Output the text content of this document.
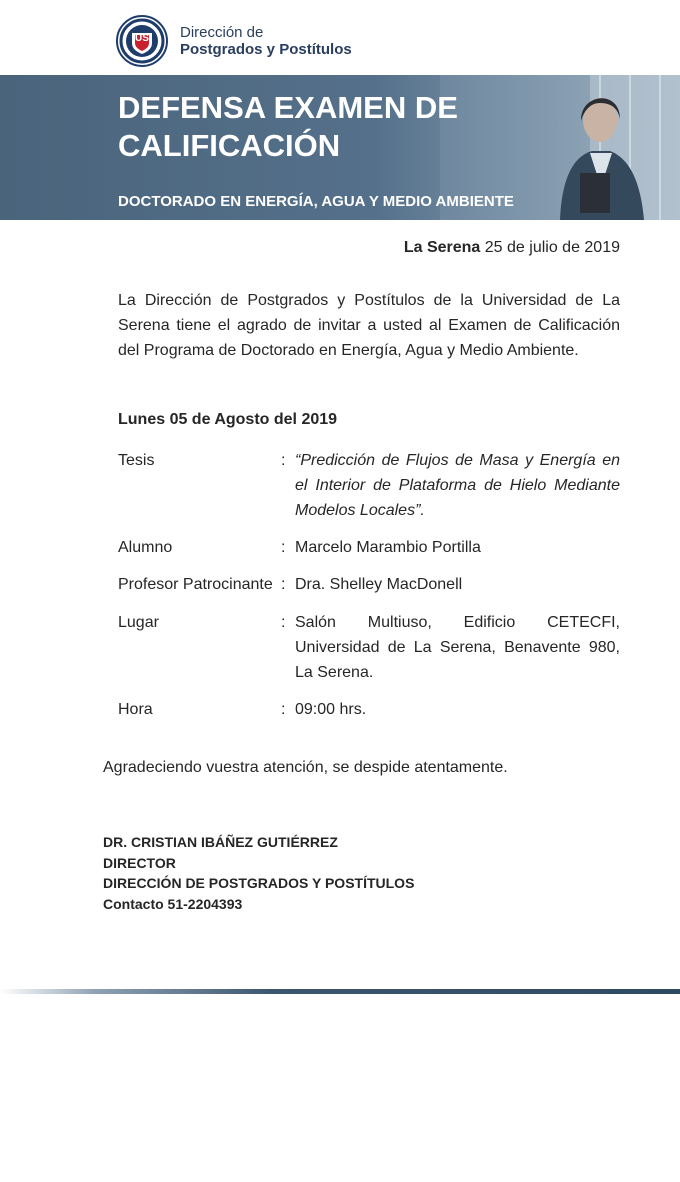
US	Dirección de
Postgrados y Postítulos
DEFENSA EXAMEN DE CALIFICACIÓN
DOCTORADO EN ENERGÍA, AGUA Y MEDIO AMBIENTE
La Serena 25 de julio de 2019
La Dirección de Postgrados y Postítulos de la Universidad de La Serena tiene el agrado de invitar a usted al Examen de Calificación del Programa de Doctorado en Energía, Agua y Medio Ambiente.
Lunes 05 de Agosto del 2019
Tesis	: “Predicción de Flujos de Masa y Energía en el Interior de Plataforma de Hielo Mediante Modelos Locales”.
Alumno	: Marcelo Marambio Portilla
Profesor Patrocinante : Dra. Shelley MacDonell
Lugar	: Salón Multiuso, Edificio CETECFI, Universidad de La Serena, Benavente 980, La Serena.
Hora	: 09:00 hrs.
Agradeciendo vuestra atención, se despide atentamente.
DR. CRISTIAN IBÁÑEZ GUTIÉRREZ
DIRECTOR
DIRECCIÓN DE POSTGRADOS Y POSTÍTULOS
Contacto 51-2204393
